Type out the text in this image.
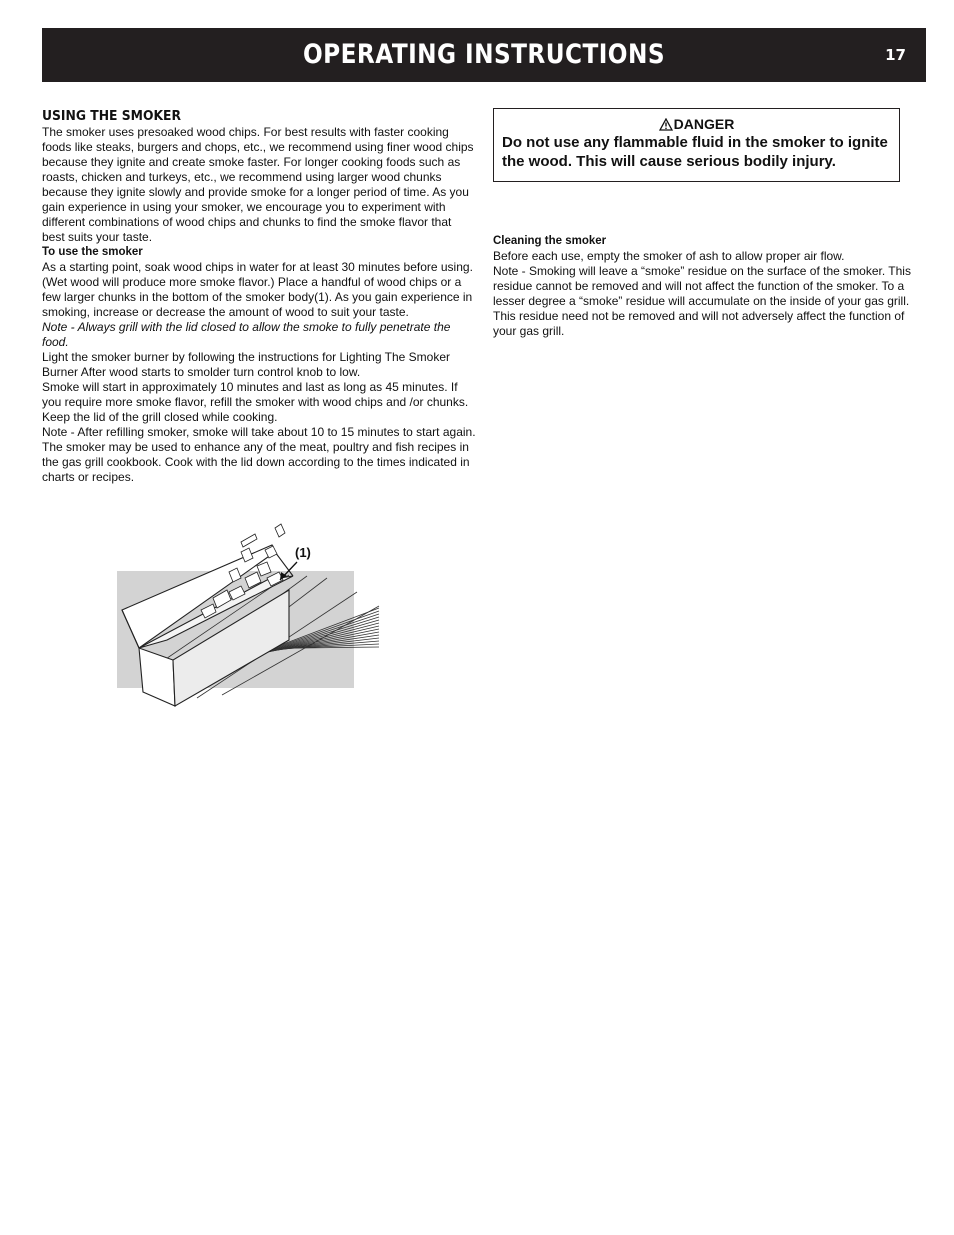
OPERATING INSTRUCTIONS	17
USING THE SMOKER

The smoker uses presoaked wood chips. For best results with faster cooking foods like steaks, burgers and chops, etc., we recommend using finer wood chips because they ignite and create smoke faster. For longer cooking foods such as roasts, chicken and turkeys, etc., we recommend using larger wood chunks because they ignite slowly and provide smoke for a longer period of time. As you gain experience in using your smoker, we encourage you to experiment with different combinations of wood chips and chunks to find the smoke flavor that best suits your taste.

To use the smoker

As a starting point, soak wood chips in water for at least 30 minutes before using. (Wet wood will produce more smoke flavor.) Place a handful of wood chips or a few larger chunks in the bottom of the smoker body(1). As you gain experience in smoking, increase or decrease the amount of wood to suit your taste.

Note - Always grill with the lid closed to allow the smoke to fully penetrate the food.

Light the smoker burner by following the instructions for Lighting The Smoker Burner After wood starts to smolder turn control knob to low.

Smoke will start in approximately 10 minutes and last as long as 45 minutes. If you require more smoke flavor, refill the smoker with wood chips and /or chunks. Keep the lid of the grill closed while cooking.

Note - After refilling smoker, smoke will take about 10 to 15 minutes to start again.

The smoker may be used to enhance any of the meat, poultry and fish recipes in the gas grill cookbook. Cook with the lid down according to the times indicated in charts or recipes.

(1)
DANGER
Do not use any flammable fluid in the smoker to ignite the wood. This will cause serious bodily injury.

Cleaning the smoker

Before each use, empty the smoker of ash to allow proper air flow.

Note - Smoking will leave a “smoke” residue on the surface of the smoker. This residue cannot be removed and will not affect the function of the smoker. To a lesser degree a “smoke” residue will accumulate on the inside of your gas grill. This residue need not be removed and will not adversely affect the function of your gas grill.
